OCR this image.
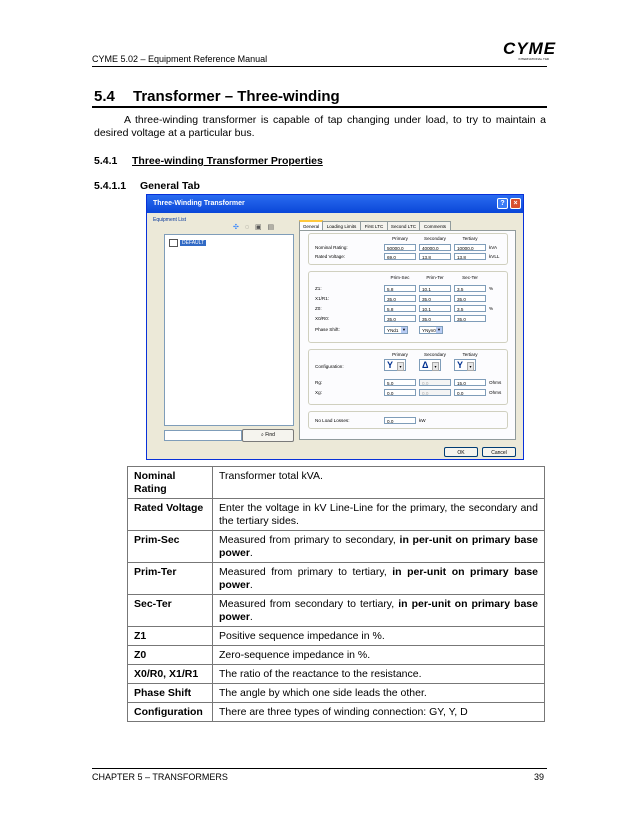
CYME 5.02 – Equipment Reference Manual
CYME
INTERNATIONAL T&D
5.4 Transformer – Three-winding
A three-winding transformer is capable of tap changing under load, to try to maintain a desired voltage at a particular bus.
5.4.1 Three-winding Transformer Properties
5.4.1.1 General Tab
Three-Winding Transformer	?	×
Equipment List
✣ ◌ ▣ ▤
DEFAULT
⌕ Find
General	Loading Limits	First LTC	Second LTC	Comments
Primary	Secondary	Tertiary
Nominal Rating:	50000.0	40000.0	10000.0	kVA
Rated Voltage:	69.0	13.8	13.8	kVLL
Prim-Sec	Prim-Ter	Sec-Ter
Z1:	5.8	10.1	3.5	%
X1/R1:	35.0	35.0	35.0
Z0:	5.8	10.1	3.5	%
X0/R0:	35.0	35.0	35.0
Phase Shift:	YNd1 ▼	YNyn0 ▼
Primary	Secondary	Tertiary
Configuration:	Y	▾ Δ	▾ Y	▾
Rg:	5.0	0.0	15.0	Ohms
Xg:	0.0	0.0	0.0	Ohms
No Load Losses:	0.0	kW
OK	Cancel
Nominal Rating	Transformer total kVA.
Rated Voltage	Enter the voltage in kV Line-Line for the primary, the secondary and the tertiary sides.
Prim-Sec	Measured from primary to secondary, in per-unit on primary base power.
Prim-Ter	Measured from primary to tertiary, in per-unit on primary base power.
Sec-Ter	Measured from secondary to tertiary, in per-unit on primary base power.
Z1	Positive sequence impedance in %.
Z0	Zero-sequence impedance in %.
X0/R0, X1/R1	The ratio of the reactance to the resistance.
Phase Shift	The angle by which one side leads the other.
Configuration	There are three types of winding connection: GY, Y, D
CHAPTER 5 – TRANSFORMERS	39
